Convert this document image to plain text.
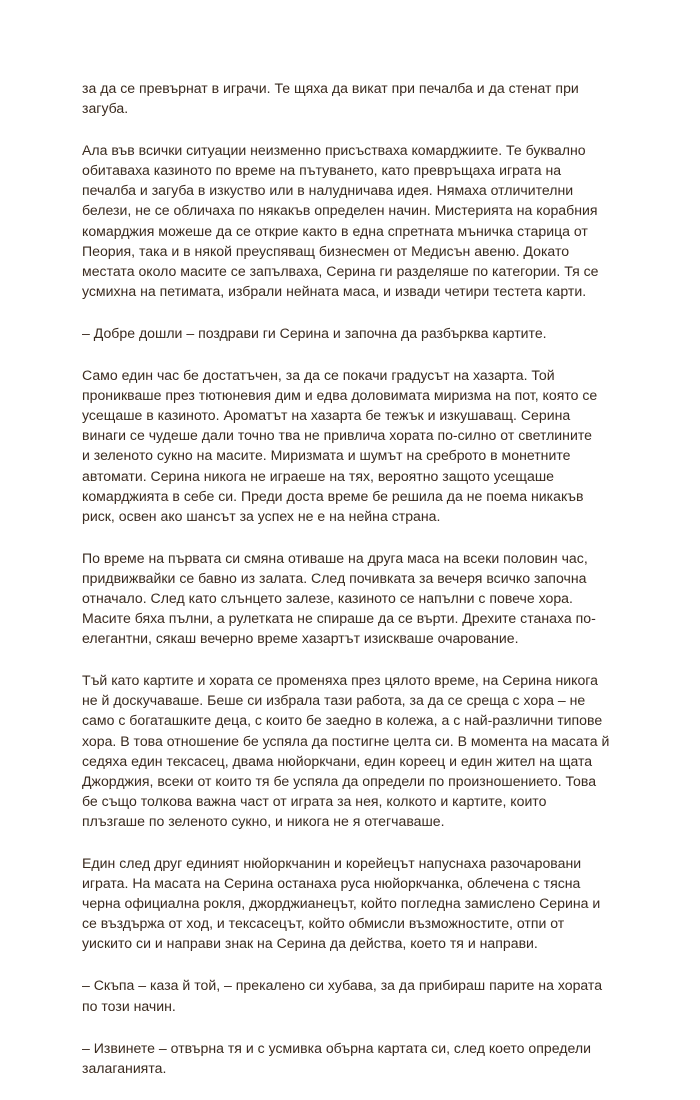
за да се превърнат в играчи. Те щяха да викат при печалба и да стенат при
загуба.

Ала във всички ситуации неизменно присъстваха комарджиите. Те буквално
обитаваха казиното по време на пътуването, като превръщаха играта на
печалба и загуба в изкуство или в налудничава идея. Нямаха отличителни
белези, не се обличаха по някакъв определен начин. Мистерията на корабния
комарджия можеше да се открие както в една спретната мъничка старица от
Пеория, така и в някой преуспяващ бизнесмен от Медисън авеню. Докато
местата около масите се запълваха, Серина ги разделяше по категории. Тя се
усмихна на петимата, избрали нейната маса, и извади четири тестета карти.

– Добре дошли – поздрави ги Серина и започна да разбърква картите.

Само един час бе достатъчен, за да се покачи градусът на хазарта. Той
проникваше през тютюневия дим и едва доловимата миризма на пот, която се
усещаше в казиното. Ароматът на хазарта бе тежък и изкушаващ. Серина
винаги се чудеше дали точно тва не привлича хората по-силно от светлините
и зеленото сукно на масите. Миризмата и шумът на среброто в монетните
автомати. Серина никога не играеше на тях, вероятно защото усещаше
комарджията в себе си. Преди доста време бе решила да не поема никакъв
риск, освен ако шансът за успех не е на нейна страна.

По време на първата си смяна отиваше на друга маса на всеки половин час,
придвижвайки се бавно из залата. След почивката за вечеря всичко започна
отначало. След като слънцето залезе, казиното се напълни с повече хора.
Масите бяха пълни, а рулетката не спираше да се върти. Дрехите станаха по-
елегантни, сякаш вечерно време хазартът изискваше очарование.

Тъй като картите и хората се променяха през цялото време, на Серина никога
не й доскучаваше. Беше си избрала тази работа, за да се среща с хора – не
само с богаташките деца, с които бе заедно в колежа, а с най-различни типове
хора. В това отношение бе успяла да постигне целта си. В момента на масата й
седяха един тексасец, двама нюйоркчани, един кореец и един жител на щата
Джорджия, всеки от които тя бе успяла да определи по произношението. Това
бе също толкова важна част от играта за нея, колкото и картите, които
плъзгаше по зеленото сукно, и никога не я отегчаваше.

Един след друг единият нюйоркчанин и корейецът напуснаха разочаровани
играта. На масата на Серина останаха руса нюйоркчанка, облечена с тясна
черна официална рокля, джорджианецът, който погледна замислено Серина и
се въздържа от ход, и тексасецът, който обмисли възможностите, отпи от
уискито си и направи знак на Серина да действа, което тя и направи.

– Скъпа – каза й той, – прекалено си хубава, за да прибираш парите на хората
по този начин.

– Извинете – отвърна тя и с усмивка обърна картата си, след което определи
залаганията.
